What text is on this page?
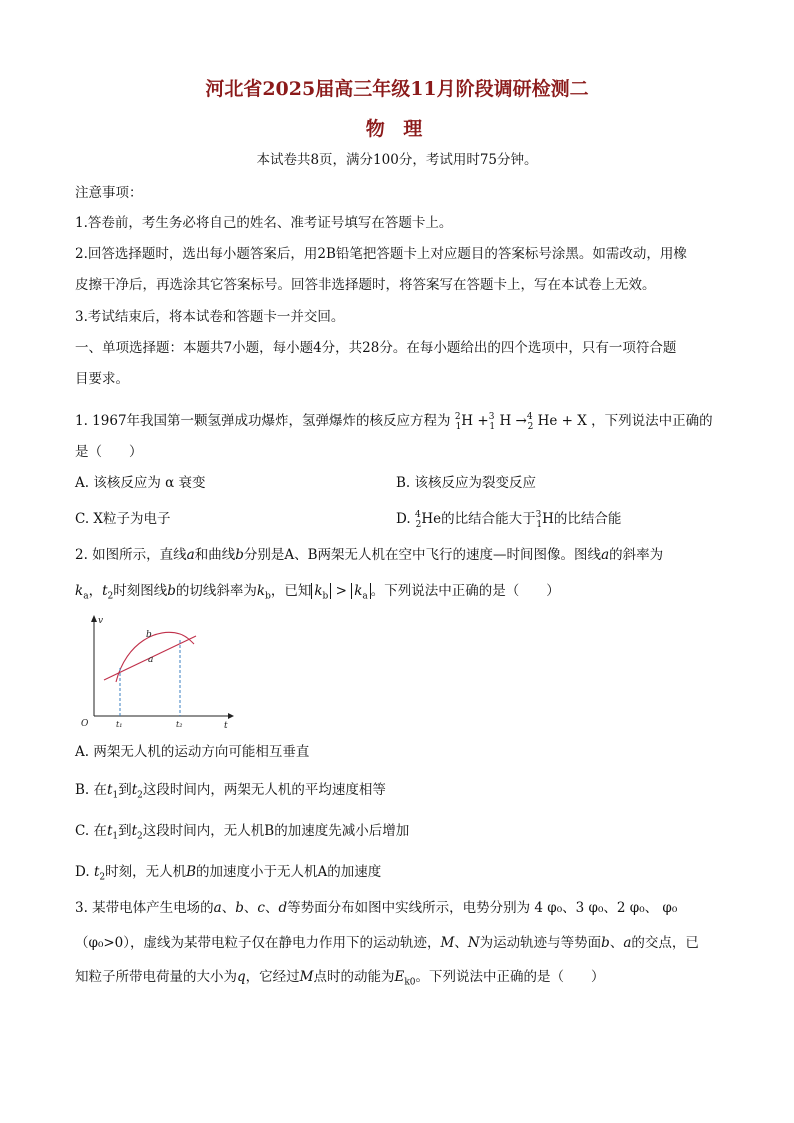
河北省2025届高三年级11月阶段调研检测二
物 理
本试卷共8页，满分100分，考试用时75分钟。
注意事项：
1.答卷前，考生务必将自己的姓名、准考证号填写在答题卡上。
2.回答选择题时，选出每小题答案后，用2B铅笔把答题卡上对应题目的答案标号涂黑。如需改动，用橡
皮擦干净后，再选涂其它答案标号。回答非选择题时，将答案写在答题卡上，写在本试卷上无效。
3.考试结束后，将本试卷和答题卡一并交回。
一、单项选择题：本题共7小题，每小题4分，共28分。在每小题给出的四个选项中，只有一项符合题
目要求。
1. 1967年我国第一颗氢弹成功爆炸，氢弹爆炸的核反应方程为 $^2_1$H +$^3_1$ H →$^4_2$ He + X ，下列说法中正确的
是（　　）
A. 该核反应为 α 衰变	B. 该核反应为裂变反应
C. X粒子为电子	D. $^4_2$He的比结合能大于$^3_1$H的比结合能
2. 如图所示，直线a和曲线b分别是A、B两架无人机在空中飞行的速度—时间图像。图线a的斜率为
$k_a$，$t_2$时刻图线b的切线斜率为$k_b$，已知 $k_b > k_a$ 。下列说法中正确的是（　　）
v
t
O
b
a
t₁	t₂
A. 两架无人机的运动方向可能相互垂直
B. 在$t_1$到$t_2$这段时间内，两架无人机的平均速度相等
C. 在$t_1$到$t_2$这段时间内，无人机B的加速度先减小后增加
D. $t_2$时刻，无人机B的加速度小于无人机A的加速度
3. 某带电体产生电场的a、b、c、d等势面分布如图中实线所示，电势分别为 4 φ₀、3 φ₀、2 φ₀、 φ₀
（φ₀>0），虚线为某带电粒子仅在静电力作用下的运动轨迹，M、N为运动轨迹与等势面b、a的交点，已
知粒子所带电荷量的大小为q，它经过M点时的动能为$E_{k0}$。下列说法中正确的是（　　）
